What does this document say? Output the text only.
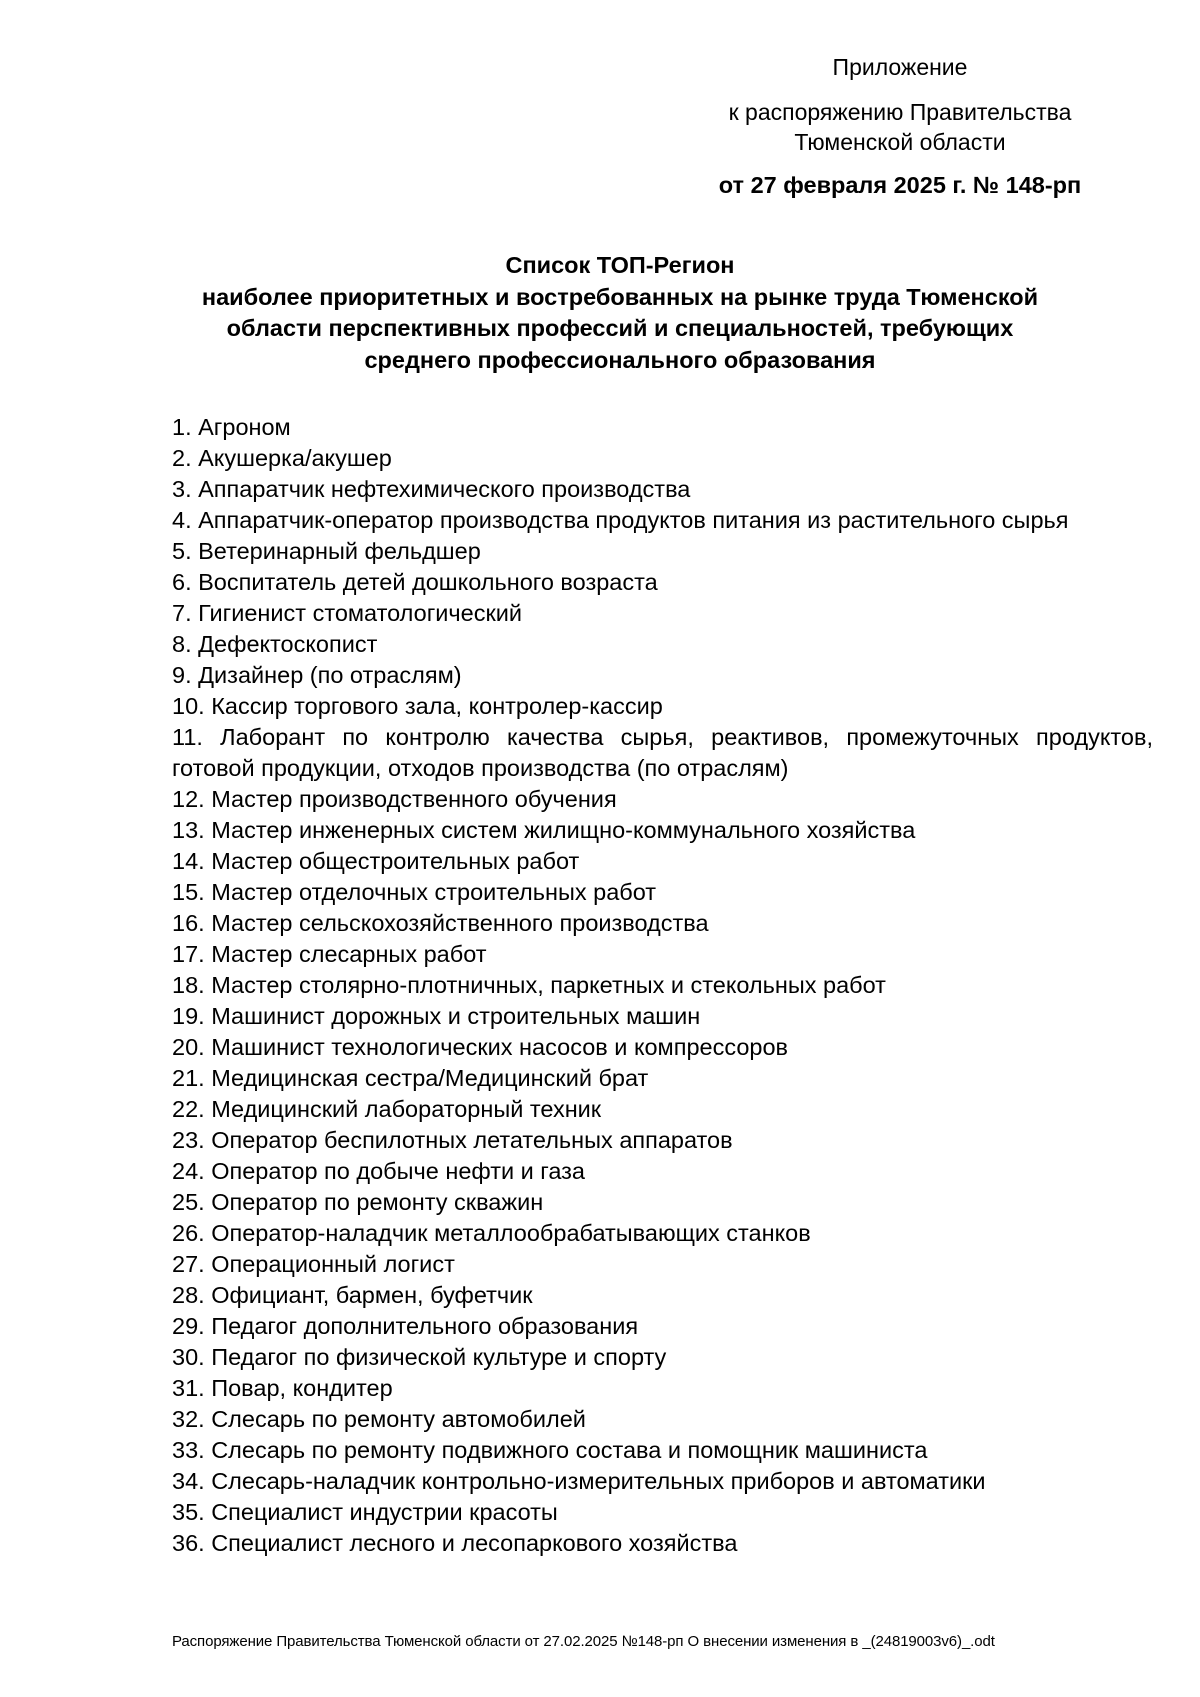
Приложение
к распоряжению Правительства
Тюменской области
от 27 февраля 2025 г. № 148-рп
Список ТОП-Регион
наиболее приоритетных и востребованных на рынке труда Тюменской
области перспективных профессий и специальностей, требующих
среднего профессионального образования
1. Агроном
2. Акушерка/акушер
3. Аппаратчик нефтехимического производства
4. Аппаратчик-оператор производства продуктов питания из растительного сырья
5. Ветеринарный фельдшер
6. Воспитатель детей дошкольного возраста
7. Гигиенист стоматологический
8. Дефектоскопист
9. Дизайнер (по отраслям)
10. Кассир торгового зала, контролер-кассир
11. Лаборант по контролю качества сырья, реактивов, промежуточных продуктов, готовой продукции, отходов производства (по отраслям)
12. Мастер производственного обучения
13. Мастер инженерных систем жилищно-коммунального хозяйства
14. Мастер общестроительных работ
15. Мастер отделочных строительных работ
16. Мастер сельскохозяйственного производства
17. Мастер слесарных работ
18. Мастер столярно-плотничных, паркетных и стекольных работ
19. Машинист дорожных и строительных машин
20. Машинист технологических насосов и компрессоров
21. Медицинская сестра/Медицинский брат
22. Медицинский лабораторный техник
23. Оператор беспилотных летательных аппаратов
24. Оператор по добыче нефти и газа
25. Оператор по ремонту скважин
26. Оператор-наладчик металлообрабатывающих станков
27. Операционный логист
28. Официант, бармен, буфетчик
29. Педагог дополнительного образования
30. Педагог по физической культуре и спорту
31. Повар, кондитер
32. Слесарь по ремонту автомобилей
33. Слесарь по ремонту подвижного состава и помощник машиниста
34. Слесарь-наладчик контрольно-измерительных приборов и автоматики
35. Специалист индустрии красоты
36. Специалист лесного и лесопаркового хозяйства
Распоряжение Правительства Тюменской области от 27.02.2025 №148-рп О внесении изменения в _(24819003v6)_.odt
